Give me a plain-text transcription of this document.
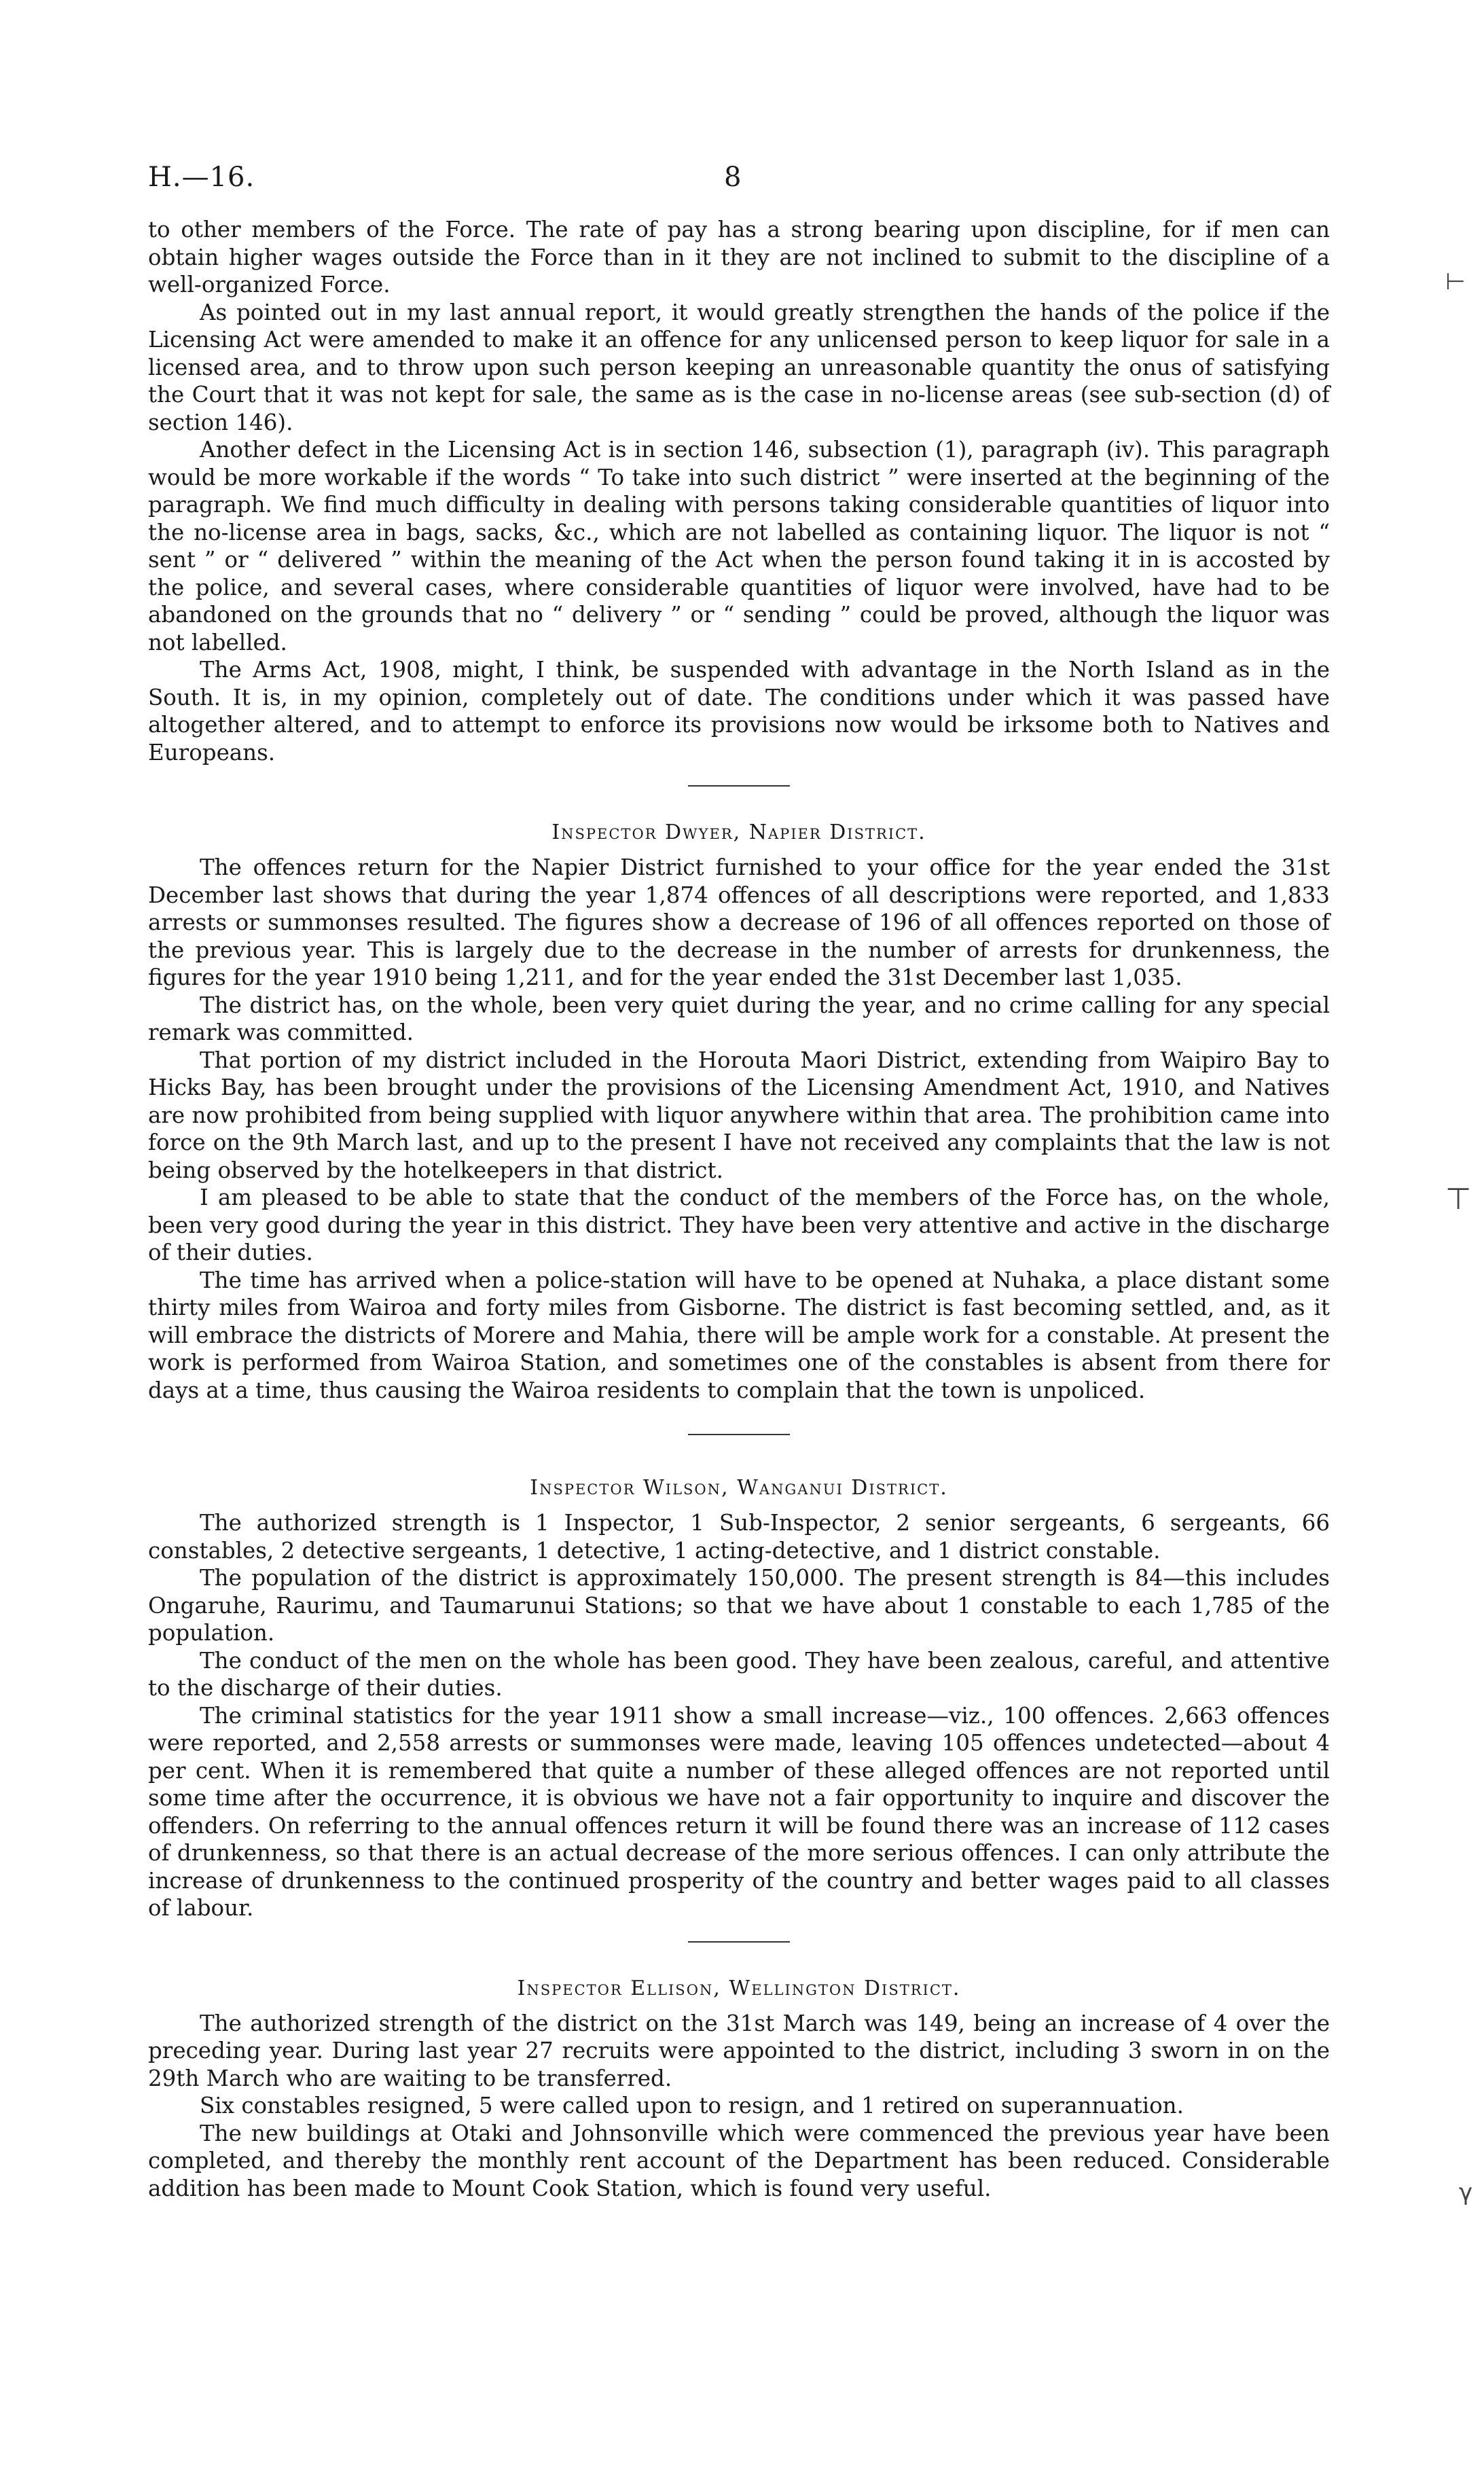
H.—16.	8

to other members of the Force. The rate of pay has a strong bearing upon discipline, for if men can obtain higher wages outside the Force than in it they are not inclined to submit to the discipline of a well-organized Force.

As pointed out in my last annual report, it would greatly strengthen the hands of the police if the Licensing Act were amended to make it an offence for any unlicensed person to keep liquor for sale in a licensed area, and to throw upon such person keeping an unreasonable quantity the onus of satisfying the Court that it was not kept for sale, the same as is the case in no-license areas (see sub-section (d) of section 146).

Another defect in the Licensing Act is in section 146, subsection (1), paragraph (iv). This paragraph would be more workable if the words “ To take into such district ” were inserted at the beginning of the paragraph. We find much difficulty in dealing with persons taking considerable quantities of liquor into the no-license area in bags, sacks, &c., which are not labelled as containing liquor. The liquor is not “ sent ” or “ delivered ” within the meaning of the Act when the person found taking it in is accosted by the police, and several cases, where considerable quantities of liquor were involved, have had to be abandoned on the grounds that no “ delivery ” or “ sending ” could be proved, although the liquor was not labelled.

The Arms Act, 1908, might, I think, be suspended with advantage in the North Island as in the South. It is, in my opinion, completely out of date. The conditions under which it was passed have altogether altered, and to attempt to enforce its provisions now would be irksome both to Natives and Europeans.

Inspector Dwyer, Napier District.

The offences return for the Napier District furnished to your office for the year ended the 31st December last shows that during the year 1,874 offences of all descriptions were reported, and 1,833 arrests or summonses resulted. The figures show a decrease of 196 of all offences reported on those of the previous year. This is largely due to the decrease in the number of arrests for drunkenness, the figures for the year 1910 being 1,211, and for the year ended the 31st December last 1,035.

The district has, on the whole, been very quiet during the year, and no crime calling for any special remark was committed.

That portion of my district included in the Horouta Maori District, extending from Waipiro Bay to Hicks Bay, has been brought under the provisions of the Licensing Amendment Act, 1910, and Natives are now prohibited from being supplied with liquor anywhere within that area. The prohibition came into force on the 9th March last, and up to the present I have not received any complaints that the law is not being observed by the hotelkeepers in that district.

I am pleased to be able to state that the conduct of the members of the Force has, on the whole, been very good during the year in this district. They have been very attentive and active in the discharge of their duties.

The time has arrived when a police-station will have to be opened at Nuhaka, a place distant some thirty miles from Wairoa and forty miles from Gisborne. The district is fast becoming settled, and, as it will embrace the districts of Morere and Mahia, there will be ample work for a constable. At present the work is performed from Wairoa Station, and sometimes one of the constables is absent from there for days at a time, thus causing the Wairoa residents to complain that the town is unpoliced.

Inspector Wilson, Wanganui District.

The authorized strength is 1 Inspector, 1 Sub-Inspector, 2 senior sergeants, 6 sergeants, 66 constables, 2 detective sergeants, 1 detective, 1 acting-detective, and 1 district constable.

The population of the district is approximately 150,000. The present strength is 84—this includes Ongaruhe, Raurimu, and Taumarunui Stations; so that we have about 1 constable to each 1,785 of the population.

The conduct of the men on the whole has been good. They have been zealous, careful, and attentive to the discharge of their duties.

The criminal statistics for the year 1911 show a small increase—viz., 100 offences. 2,663 offences were reported, and 2,558 arrests or summonses were made, leaving 105 offences undetected—about 4 per cent. When it is remembered that quite a number of these alleged offences are not reported until some time after the occurrence, it is obvious we have not a fair opportunity to inquire and discover the offenders. On referring to the annual offences return it will be found there was an increase of 112 cases of drunkenness, so that there is an actual decrease of the more serious offences. I can only attribute the increase of drunkenness to the continued prosperity of the country and better wages paid to all classes of labour.

Inspector Ellison, Wellington District.

The authorized strength of the district on the 31st March was 149, being an increase of 4 over the preceding year. During last year 27 recruits were appointed to the district, including 3 sworn in on the 29th March who are waiting to be transferred.

Six constables resigned, 5 were called upon to resign, and 1 retired on superannuation.

The new buildings at Otaki and Johnsonville which were commenced the previous year have been completed, and thereby the monthly rent account of the Department has been reduced. Considerable addition has been made to Mount Cook Station, which is found very useful.

⊢
⊤
γ
